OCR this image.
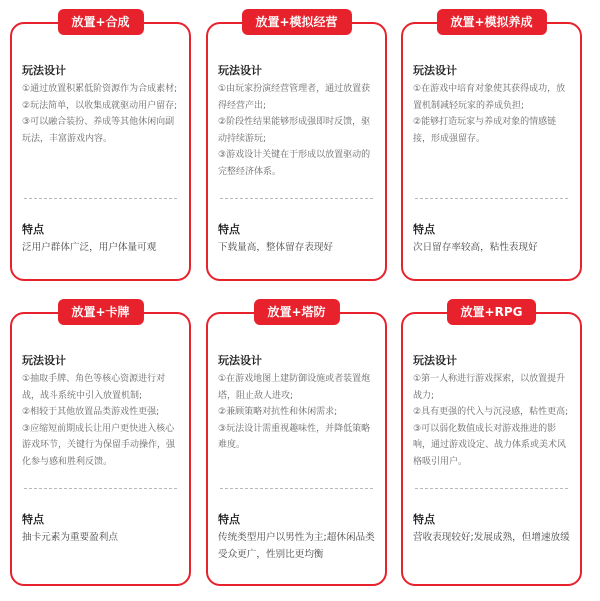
放置+合成
玩法设计
①通过放置积累低阶资源作为合成素材;
②玩法简单，以收集成就驱动用户留存;
③可以融合装扮、养成等其他休闲向副玩法，丰富游戏内容。
特点
泛用户群体广泛，用户体量可观
放置+模拟经营
玩法设计
①由玩家扮演经营管理者，通过放置获得经营产出;
②阶段性结果能够形成强即时反馈，驱动持续游玩;
③游戏设计关键在于形成以放置驱动的完整经济体系。
特点
下载量高，整体留存表现好
放置+模拟养成
玩法设计
①在游戏中培育对象使其获得成功，放置机制减轻玩家的养成负担;
②能够打造玩家与养成对象的情感链接，形成强留存。
特点
次日留存率较高，粘性表现好
放置+卡牌
玩法设计
①抽取手牌、角色等核心资源进行对战，战斗系统中引入放置机制;
②相较于其他放置品类游戏性更强;
③应缩短前期成长让用户更快进入核心游戏环节，关键行为保留手动操作，强化参与感和胜利反馈。
特点
抽卡元素为重要盈利点
放置+塔防
玩法设计
①在游戏地图上建防御设施或者装置炮塔，阻止敌人进攻;
②兼顾策略对抗性和休闲需求;
③玩法设计需重视趣味性，并降低策略难度。
特点
传统类型用户以男性为主;超休闲品类受众更广，性别比更均衡
放置+RPG
玩法设计
①第一人称进行游戏探索，以放置提升战力;
②具有更强的代入与沉浸感，粘性更高;
③可以弱化数值成长对游戏推进的影响，通过游戏设定、战力体系或美术风格吸引用户。
特点
营收表现较好;发展成熟，但增速放缓
